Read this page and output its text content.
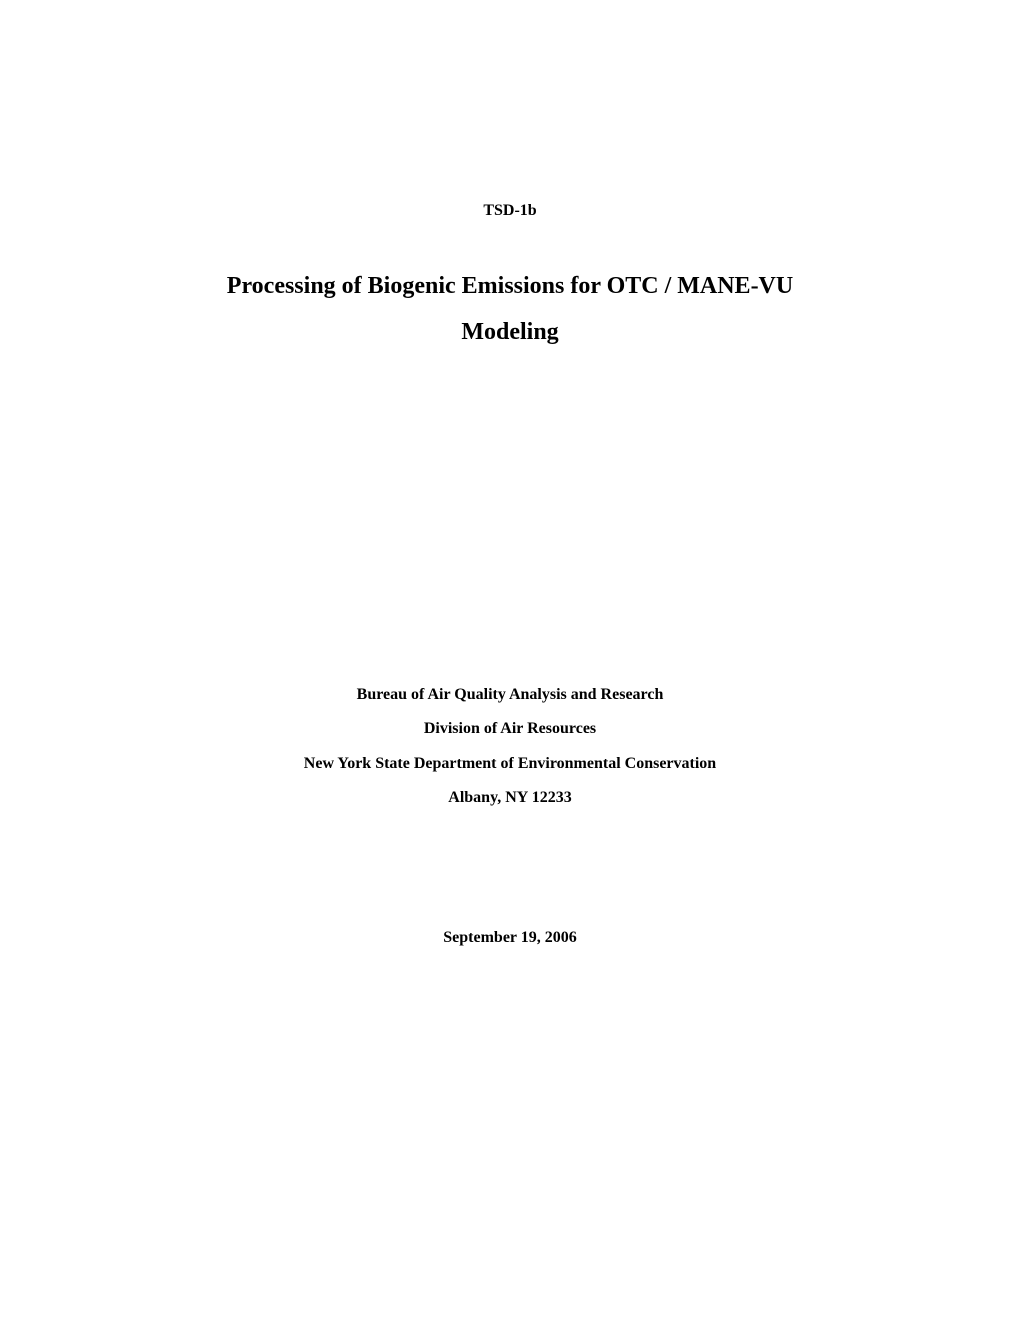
TSD-1b
Processing of Biogenic Emissions for OTC / MANE-VU
Modeling
Bureau of Air Quality Analysis and Research
Division of Air Resources
New York State Department of Environmental Conservation
Albany, NY 12233
September 19, 2006
